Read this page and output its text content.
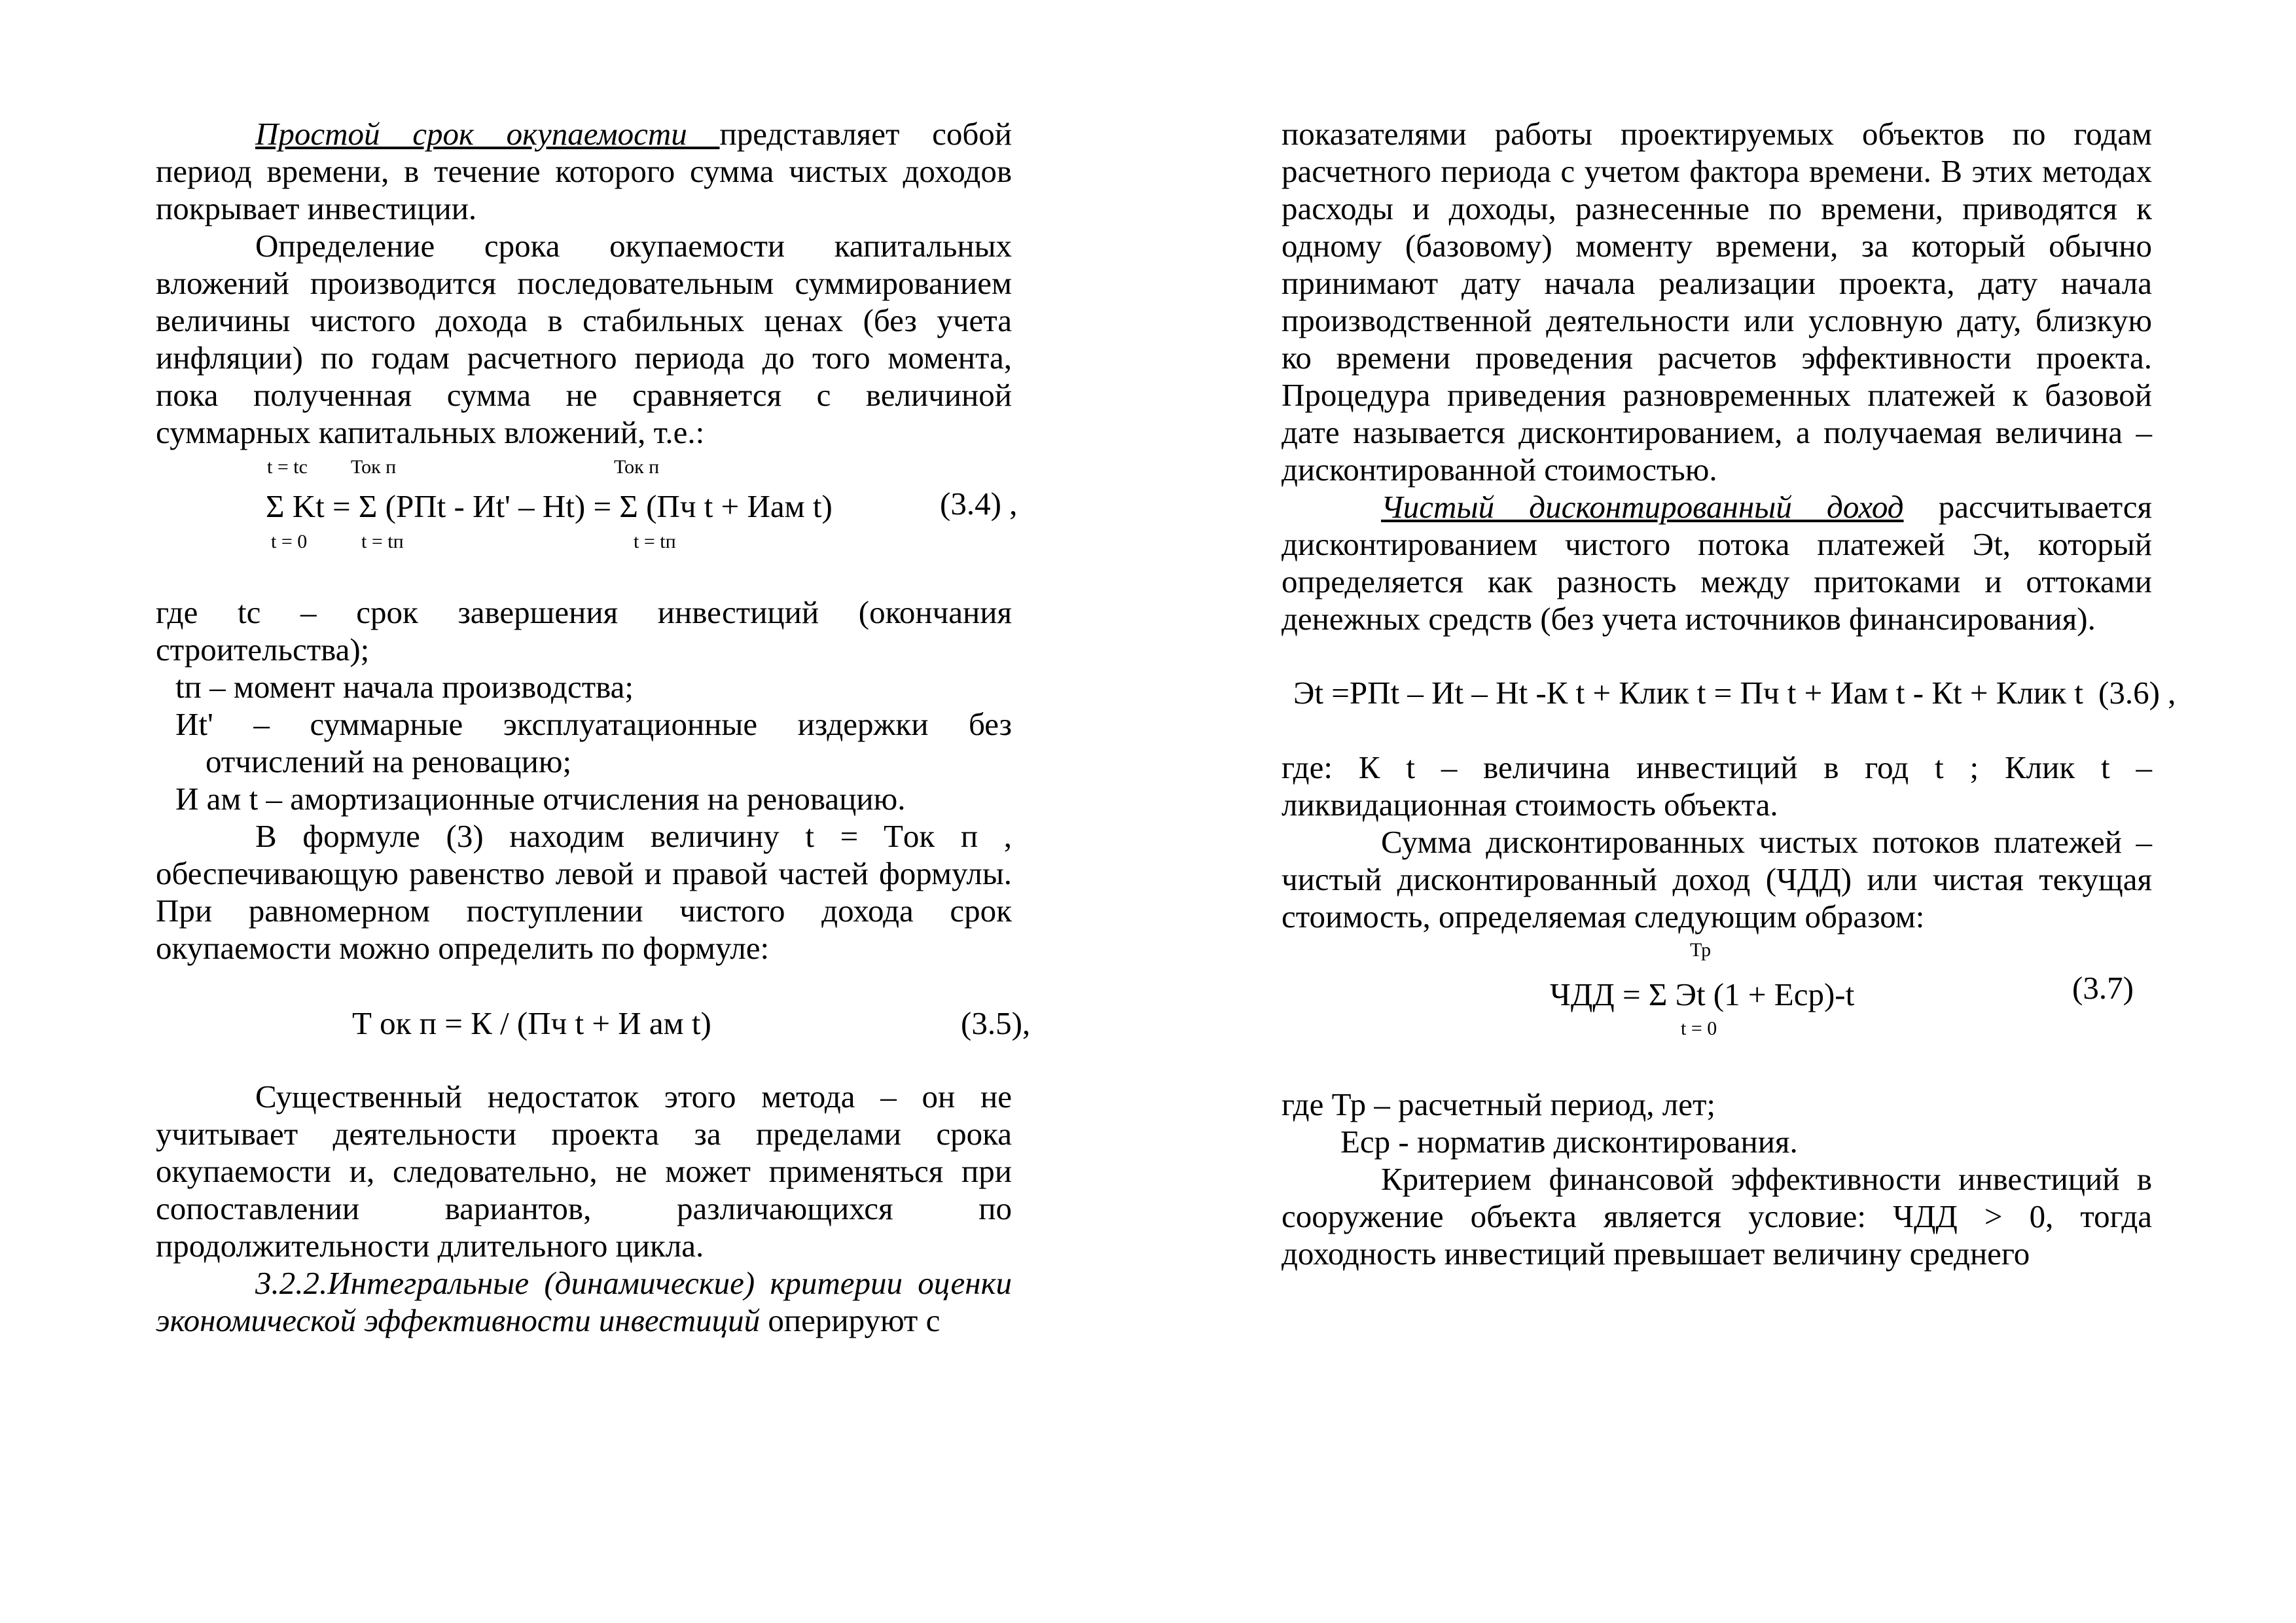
Простой срок окупаемости представляет собой период времени, в течение которого сумма чистых доходов покрывает инвестиции.

Определение срока окупаемости капитальных вложений производится последовательным суммированием величины чистого дохода в стабильных ценах (без учета инфляции) по годам расчетного периода до того момента, пока полученная сумма не сравняется с величиной суммарных капитальных вложений, т.е.:

t = tc Ток п	Ток п
Σ Kt = Σ (РПt - Иt' – Нt) = Σ (Пч t + Иам t)	(3.4) ,
t = 0	t = tп	t = tп

где tc – срок завершения инвестиций (окончания строительства);

tп – момент начала производства;

Иt' – суммарные эксплуатационные издержки без отчислений на реновацию;

И ам t – амортизационные отчисления на реновацию.

В формуле (3) находим величину t = Tок п , обеспечивающую равенство левой и правой частей формулы. При равномерном поступлении чистого дохода срок окупаемости можно определить по формуле:

Т ок п = К / (Пч t + И ам t)	(3.5),

Существенный недостаток этого метода – он не учитывает деятельности проекта за пределами срока окупаемости и, следовательно, не может применяться при сопоставлении вариантов, различающихся по продолжительности длительного цикла.

3.2.2.Интегральные (динамические) критерии оценки экономической эффективности инвестиций оперируют с

показателями работы проектируемых объектов по годам расчетного периода с учетом фактора времени. В этих методах расходы и доходы, разнесенные по времени, приводятся к одному (базовому) моменту времени, за который обычно принимают дату начала реализации проекта, дату начала производственной деятельности или условную дату, близкую ко времени проведения расчетов эффективности проекта. Процедура приведения разновременных платежей к базовой дате называется дисконтированием, а получаемая величина – дисконтированной стоимостью.

Чистый дисконтированный доход рассчитывается дисконтированием чистого потока платежей Эt, который определяется как разность между притоками и оттоками денежных средств (без учета источников финансирования).

Эt =РПt – Иt – Нt -К t + Клик t = Пч t + Иам t - Кt + Клик t (3.6) ,

где: К t – величина инвестиций в год t ; Клик t – ликвидационная стоимость объекта.

Сумма дисконтированных чистых потоков платежей – чистый дисконтированный доход (ЧДД) или чистая текущая стоимость, определяемая следующим образом:

Тр
ЧДД = Σ Эt (1 + Еср)-t	(3.7)
t = 0

где Тр – расчетный период, лет;

Еср - норматив дисконтирования.

Критерием финансовой эффективности инвестиций в сооружение объекта является условие: ЧДД > 0, тогда доходность инвестиций превышает величину среднего
